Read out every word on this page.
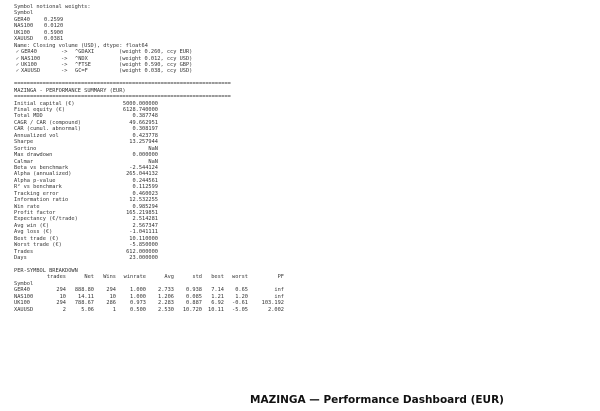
Symbol notional weights:
Symbol
GER40	0.2599
NAS100	0.0120
UK100	0.5900
XAUUSD	0.0381
Name: Closing volume (USD), dtype: float64
✓ GER40	->	^GDAXI	(weight 0.260, ccy EUR)
✓ NAS100	->	^NDX	(weight 0.012, ccy USD)
✓ UK100	->	^FTSE	(weight 0.590, ccy GBP)
✓ XAUUSD	->	GC=F	(weight 0.038, ccy USD)
====================================================================
MAZINGA - PERFORMANCE SUMMARY (EUR)
====================================================================
Initial capital (€)	5000.000000
Final equity (€)	6128.740000
Total MDD	0.387748
CAGR / CAR (compound)	49.662951
CAR (cumul. abnormal)	0.308197
Annualized vol	0.423778
Sharpe	13.257944
Sortino	NaN
Max drawdown	0.000000
Calmar	NaN
Beta vs benchmark	-2.544124
Alpha (annualized)	265.044132
Alpha p-value	0.244561
R² vs benchmark	0.112599
Tracking error	0.460023
Information ratio	12.532255
Win rate	0.985294
Profit factor	165.219851
Expectancy (€/trade)	2.514281
Avg win (€)	2.567347
Avg loss (€)	-1.041111
Best trade (€)	10.110000
Worst trade (€)	-5.850000
Trades	612.000000
Days	23.000000
PER-SYMBOL BREAKDOWN
trades	Net	Wins	winrate	Avg	std	best	worst	PF
Symbol
GER40	294	888.80	294	1.000	2.733	0.938	7.14	0.65	inf
NAS100	10	14.11	10	1.000	1.206	0.085	1.21	1.20	inf
UK100	294	788.67	286	0.973	2.283	0.887	6.92	-0.61	103.192
XAUUSD	2	5.06	1	0.500	2.530	10.720	10.11	-5.05	2.002
MAZINGA — Performance Dashboard (EUR)
